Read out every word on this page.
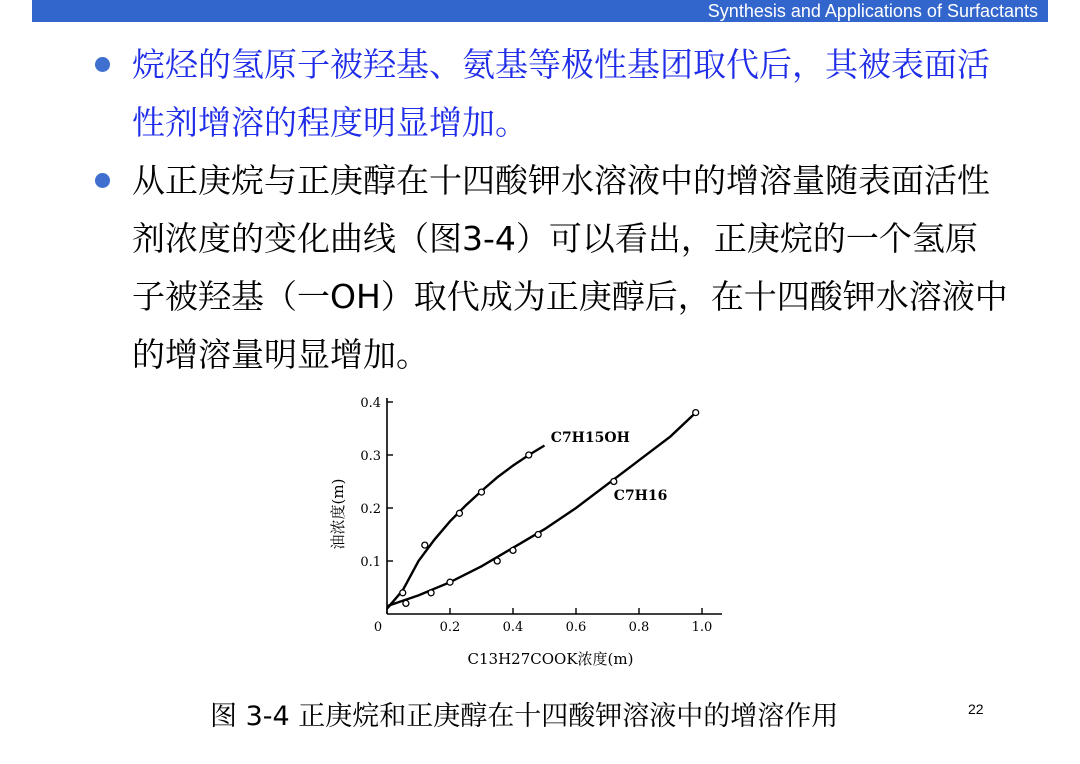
Synthesis and Applications of Surfactants
烷烃的氢原子被羟基、氨基等极性基团取代后，其被表面活性剂增溶的程度明显增加。
从正庚烷与正庚醇在十四酸钾水溶液中的增溶量随表面活性剂浓度的变化曲线（图3-4）可以看出，正庚烷的一个氢原子被羟基（一OH）取代成为正庚醇后，在十四酸钾水溶液中的增溶量明显增加。
0	0.2	0.4	0.6	0.8	1.0
0.1
0.2
0.3
0.4
C7H15OH
C7H16
C13H27COOK浓度(m)
油浓度(m)
图 3-4 正庚烷和正庚醇在十四酸钾溶液中的增溶作用	22
